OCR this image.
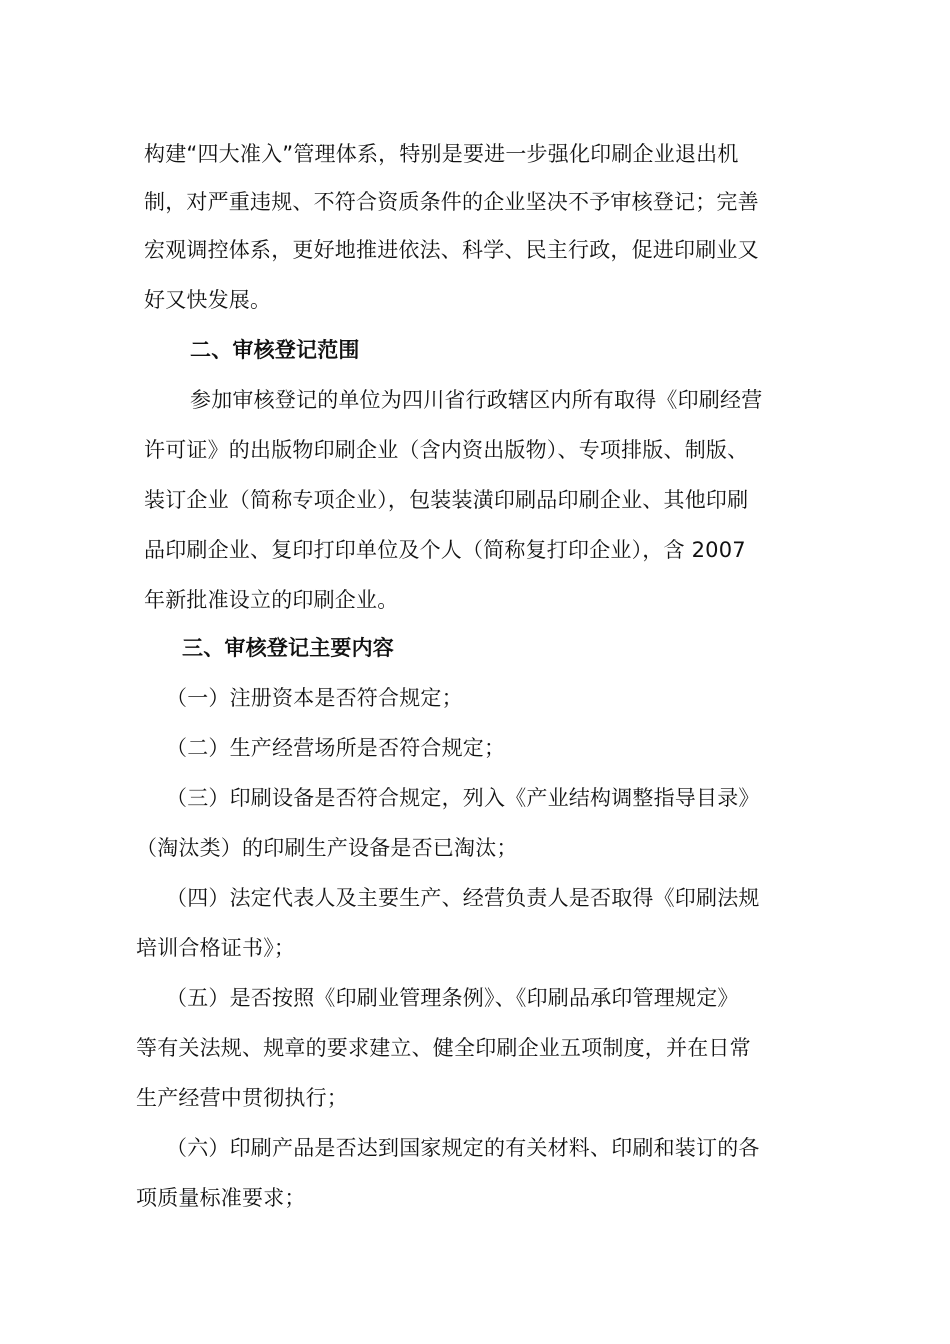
构建“四大准入”管理体系，特别是要进一步强化印刷企业退出机
制，对严重违规、不符合资质条件的企业坚决不予审核登记；完善
宏观调控体系，更好地推进依法、科学、民主行政，促进印刷业又
好又快发展。
二、审核登记范围
参加审核登记的单位为四川省行政辖区内所有取得《印刷经营
许可证》的出版物印刷企业（含内资出版物）、专项排版、制版、
装订企业（简称专项企业），包装装潢印刷品印刷企业、其他印刷
品印刷企业、复印打印单位及个人（简称复打印企业），含 2007
年新批准设立的印刷企业。
三、审核登记主要内容
（一）注册资本是否符合规定；
（二）生产经营场所是否符合规定；
（三）印刷设备是否符合规定，列入《产业结构调整指导目录》
（淘汰类）的印刷生产设备是否已淘汰；
（四）法定代表人及主要生产、经营负责人是否取得《印刷法规
培训合格证书》；
（五）是否按照《印刷业管理条例》、《印刷品承印管理规定》
等有关法规、规章的要求建立、健全印刷企业五项制度，并在日常
生产经营中贯彻执行；
（六）印刷产品是否达到国家规定的有关材料、印刷和装订的各
项质量标准要求；
